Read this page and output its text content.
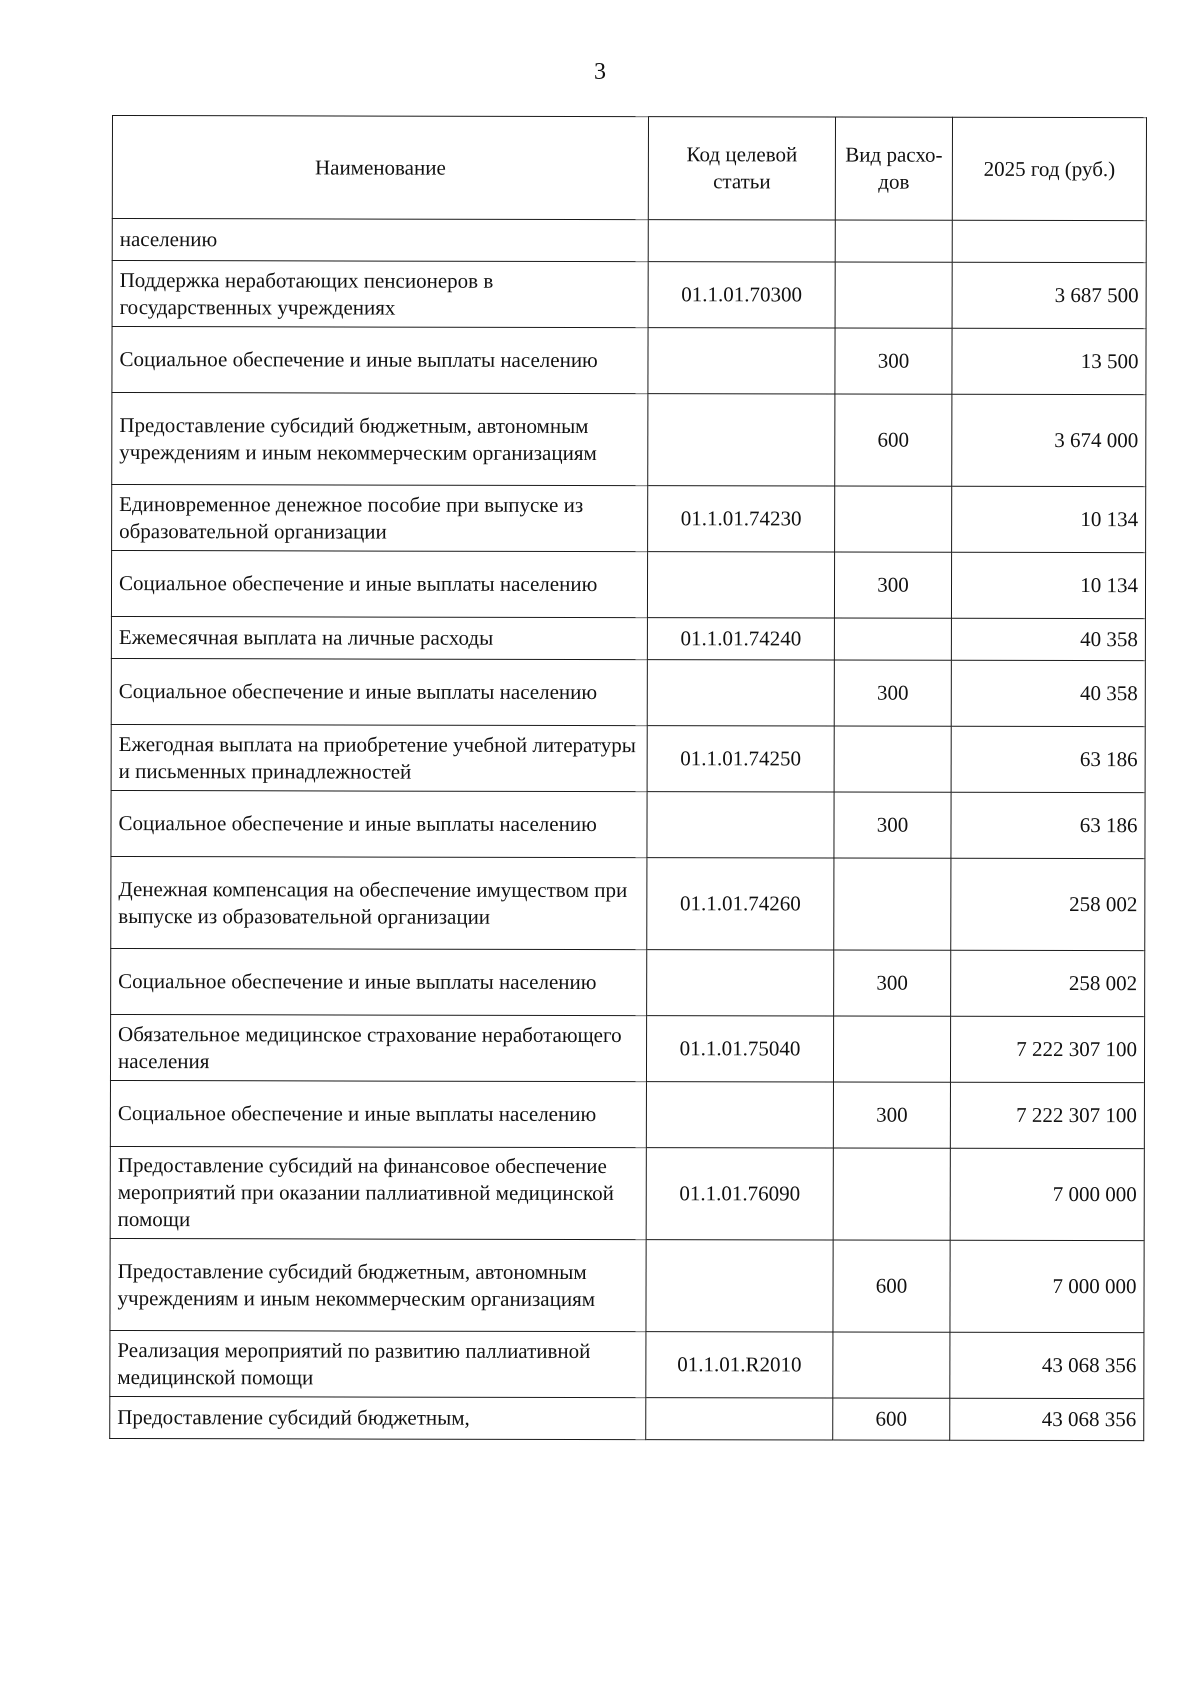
3
Наименование	Код целевой статьи	Вид расхо-дов	2025 год (руб.)
населению			
Поддержка неработающих пенсионеров в государственных учреждениях	01.1.01.70300		3 687 500
Социальное обеспечение и иные выплаты населению		300	13 500
Предоставление субсидий бюджетным, автономным учреждениям и иным некоммерческим организациям		600	3 674 000
Единовременное денежное пособие при выпуске из образовательной организации	01.1.01.74230		10 134
Социальное обеспечение и иные выплаты населению		300	10 134
Ежемесячная выплата на личные расходы	01.1.01.74240		40 358
Социальное обеспечение и иные выплаты населению		300	40 358
Ежегодная выплата на приобретение учебной литературы и письменных принадлежностей	01.1.01.74250		63 186
Социальное обеспечение и иные выплаты населению		300	63 186
Денежная компенсация на обеспечение имуществом при выпуске из образовательной организации	01.1.01.74260		258 002
Социальное обеспечение и иные выплаты населению		300	258 002
Обязательное медицинское страхование неработающего населения	01.1.01.75040		7 222 307 100
Социальное обеспечение и иные выплаты населению		300	7 222 307 100
Предоставление субсидий на финансовое обеспечение мероприятий при оказании паллиативной медицинской помощи	01.1.01.76090		7 000 000
Предоставление субсидий бюджетным, автономным учреждениям и иным некоммерческим организациям		600	7 000 000
Реализация мероприятий по развитию паллиативной медицинской помощи	01.1.01.R2010		43 068 356
Предоставление субсидий бюджетным,		600	43 068 356
